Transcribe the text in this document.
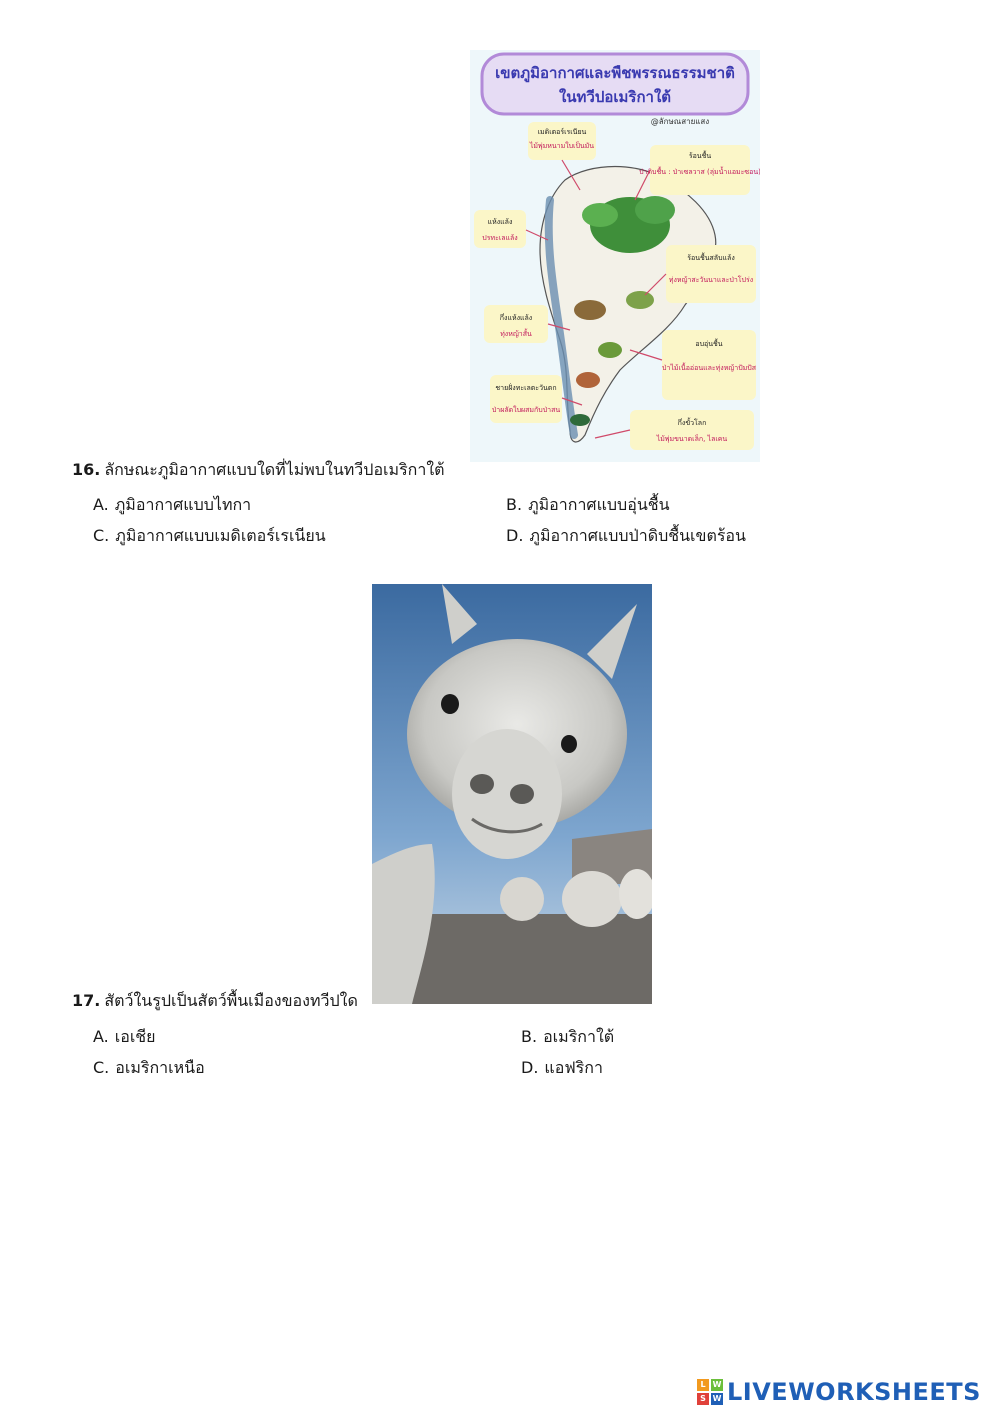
เขตภูมิอากาศและพืชพรรณธรรมชาติ
ในทวีปอเมริกาใต้
@ลักษณสายแสง
เมดิเตอร์เรเนียน
ไม้พุ่มหนามใบเป็นมัน
ร้อนชื้น
ป่าดิบชื้น : ป่าเซลวาส (ลุ่มน้ำแอมะซอน)
แห้งแล้ง
ปรทะเลแล้ง
ร้อนชื้นสลับแล้ง
ทุ่งหญ้าสะวันนาและป่าโปร่ง
กึ่งแห้งแล้ง
ทุ่งหญ้าสั้น
อบอุ่นชื้น
ป่าไม้เนื้ออ่อนและทุ่งหญ้าปัมปัส
ชายฝั่งทะเลตะวันตก
ป่าผลัดใบผสมกับป่าสน
กึ่งขั้วโลก
ไม้พุ่มขนาดเล็ก, ไลเคน
16. ลักษณะภูมิอากาศแบบใดที่ไม่พบในทวีปอเมริกาใต้
A. ภูมิอากาศแบบไทกา	B. ภูมิอากาศแบบอุ่นชื้น
C. ภูมิอากาศแบบเมดิเตอร์เรเนียน	D. ภูมิอากาศแบบป่าดิบชื้นเขตร้อน
17. สัตว์ในรูปเป็นสัตว์พื้นเมืองของทวีปใด
A. เอเชีย	B. อเมริกาใต้
C. อเมริกาเหนือ	D. แอฟริกา
L W
S W LIVEWORKSHEETS
